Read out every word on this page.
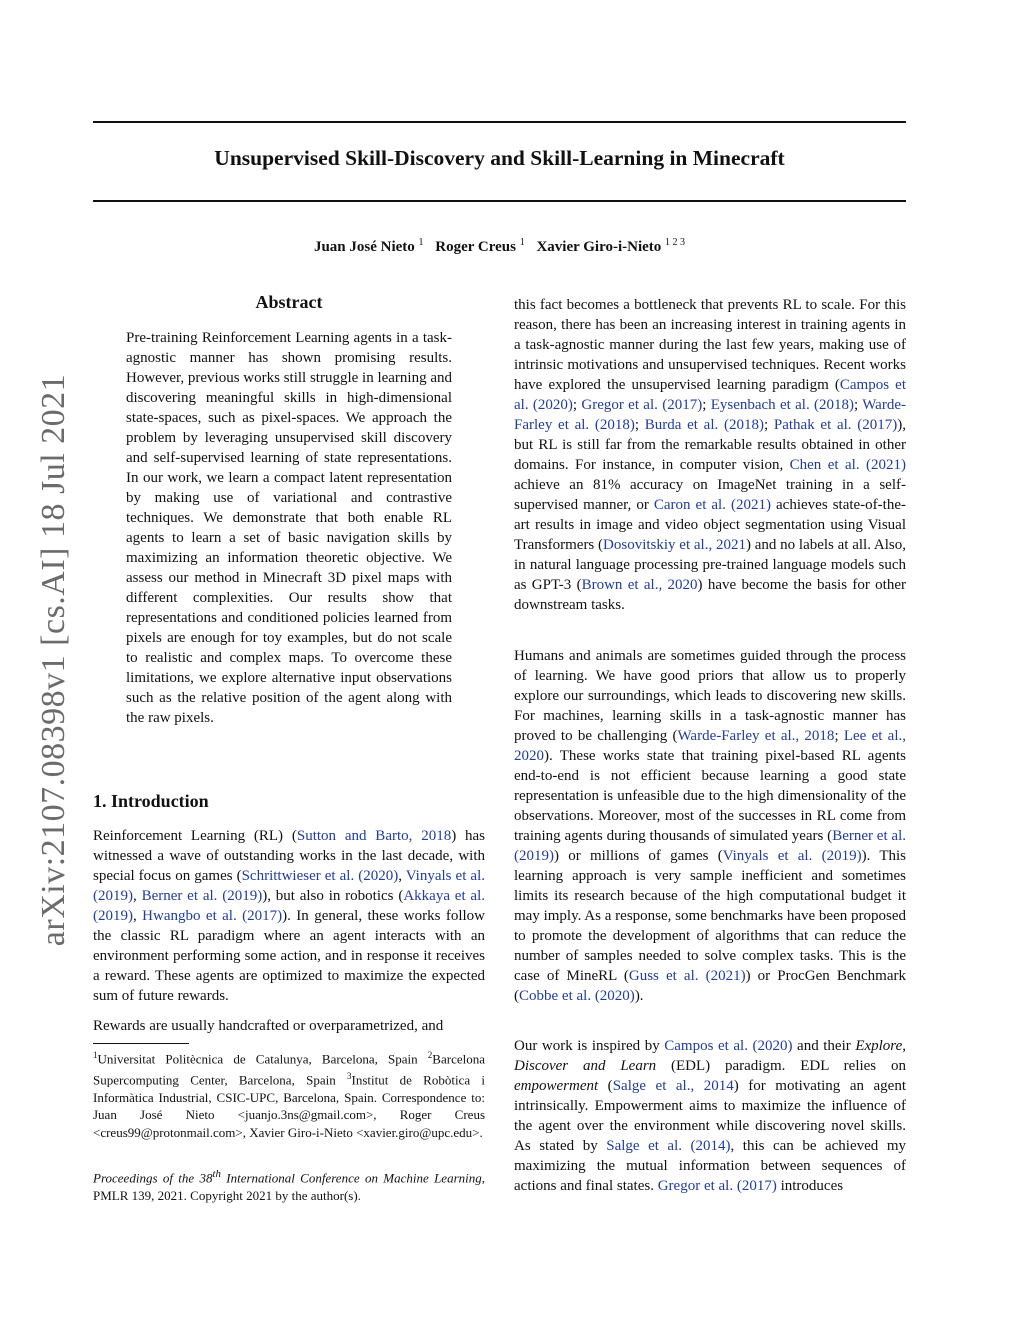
arXiv:2107.08398v1 [cs.AI] 18 Jul 2021
Unsupervised Skill-Discovery and Skill-Learning in Minecraft
Juan José Nieto $^1$ Roger Creus $^1$ Xavier Giro-i-Nieto $^{1 2 3}$
Abstract

Pre-training Reinforcement Learning agents in a task-agnostic manner has shown promising results. However, previous works still struggle in learning and discovering meaningful skills in high-dimensional state-spaces, such as pixel-spaces. We approach the problem by leveraging unsupervised skill discovery and self-supervised learning of state representations. In our work, we learn a compact latent representation by making use of variational and contrastive techniques. We demonstrate that both enable RL agents to learn a set of basic navigation skills by maximizing an information theoretic objective. We assess our method in Minecraft 3D pixel maps with different complexities. Our results show that representations and conditioned policies learned from pixels are enough for toy examples, but do not scale to realistic and complex maps. To overcome these limitations, we explore alternative input observations such as the relative position of the agent along with the raw pixels.

1. Introduction

Reinforcement Learning (RL) (Sutton and Barto, 2018) has witnessed a wave of outstanding works in the last decade, with special focus on games (Schrittwieser et al. (2020), Vinyals et al. (2019), Berner et al. (2019)), but also in robotics (Akkaya et al. (2019), Hwangbo et al. (2017)). In general, these works follow the classic RL paradigm where an agent interacts with an environment performing some action, and in response it receives a reward. These agents are optimized to maximize the expected sum of future rewards.

Rewards are usually handcrafted or overparametrized, and

$^1$Universitat Politècnica de Catalunya, Barcelona, Spain $^2$Barcelona Supercomputing Center, Barcelona, Spain $^3$Institut de Robòtica i Informàtica Industrial, CSIC-UPC, Barcelona, Spain. Correspondence to: Juan José Nieto <juanjo.3ns@gmail.com>, Roger Creus <creus99@protonmail.com>, Xavier Giro-i-Nieto <xavier.giro@upc.edu>.

Proceedings of the 38th International Conference on Machine Learning, PMLR 139, 2021. Copyright 2021 by the author(s).

this fact becomes a bottleneck that prevents RL to scale. For this reason, there has been an increasing interest in training agents in a task-agnostic manner during the last few years, making use of intrinsic motivations and unsupervised techniques. Recent works have explored the unsupervised learning paradigm (Campos et al. (2020); Gregor et al. (2017); Eysenbach et al. (2018); Warde-Farley et al. (2018); Burda et al. (2018); Pathak et al. (2017)), but RL is still far from the remarkable results obtained in other domains. For instance, in computer vision, Chen et al. (2021) achieve an 81% accuracy on ImageNet training in a self-supervised manner, or Caron et al. (2021) achieves state-of-the-art results in image and video object segmentation using Visual Transformers (Dosovitskiy et al., 2021) and no labels at all. Also, in natural language processing pre-trained language models such as GPT-3 (Brown et al., 2020) have become the basis for other downstream tasks.

Humans and animals are sometimes guided through the process of learning. We have good priors that allow us to properly explore our surroundings, which leads to discovering new skills. For machines, learning skills in a task-agnostic manner has proved to be challenging (Warde-Farley et al., 2018; Lee et al., 2020). These works state that training pixel-based RL agents end-to-end is not efficient because learning a good state representation is unfeasible due to the high dimensionality of the observations. Moreover, most of the successes in RL come from training agents during thousands of simulated years (Berner et al. (2019)) or millions of games (Vinyals et al. (2019)). This learning approach is very sample inefficient and sometimes limits its research because of the high computational budget it may imply. As a response, some benchmarks have been proposed to promote the development of algorithms that can reduce the number of samples needed to solve complex tasks. This is the case of MineRL (Guss et al. (2021)) or ProcGen Benchmark (Cobbe et al. (2020)).

Our work is inspired by Campos et al. (2020) and their Explore, Discover and Learn (EDL) paradigm. EDL relies on empowerment (Salge et al., 2014) for motivating an agent intrinsically. Empowerment aims to maximize the influence of the agent over the environment while discovering novel skills. As stated by Salge et al. (2014), this can be achieved my maximizing the mutual information between sequences of actions and final states. Gregor et al. (2017) introduces
